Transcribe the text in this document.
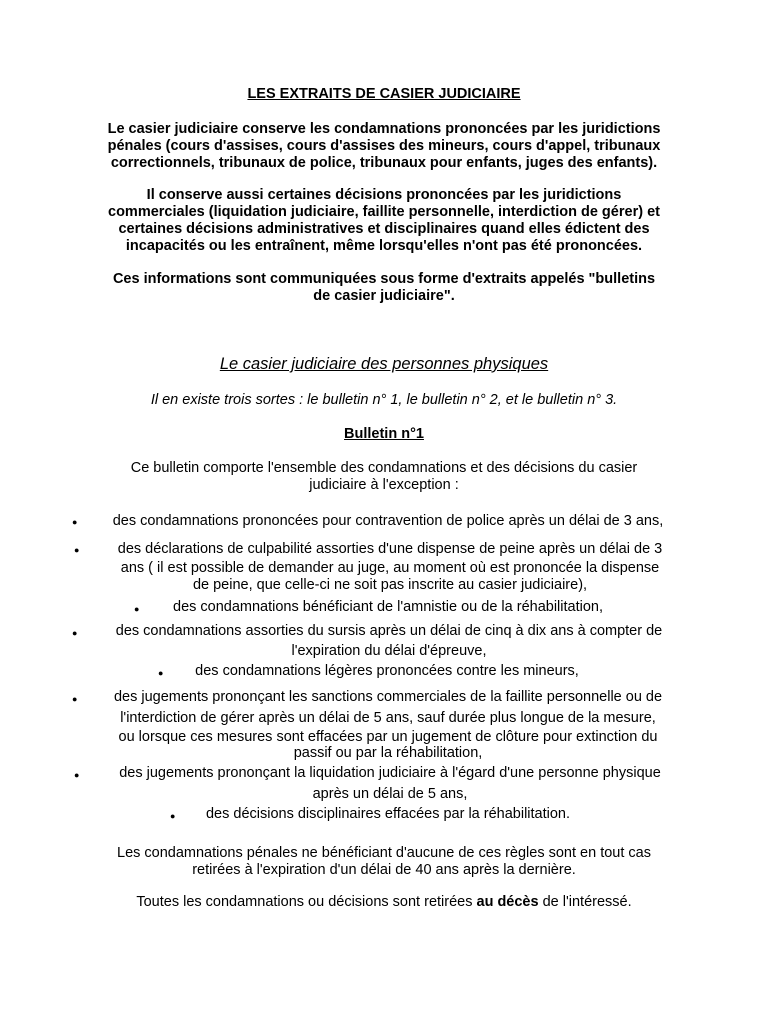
LES EXTRAITS DE CASIER JUDICIAIRE
Le casier judiciaire conserve les condamnations prononcées par les juridictions
pénales (cours d'assises, cours d'assises des mineurs, cours d'appel, tribunaux
correctionnels, tribunaux de police, tribunaux pour enfants, juges des enfants).
Il conserve aussi certaines décisions prononcées par les juridictions
commerciales (liquidation judiciaire, faillite personnelle, interdiction de gérer) et
certaines décisions administratives et disciplinaires quand elles édictent des
incapacités ou les entraînent, même lorsqu'elles n'ont pas été prononcées.
Ces informations sont communiquées sous forme d'extraits appelés "bulletins
de casier judiciaire".
Le casier judiciaire des personnes physiques
Il en existe trois sortes : le bulletin n° 1, le bulletin n° 2, et le bulletin n° 3.
Bulletin n°1
Ce bulletin comporte l'ensemble des condamnations et des décisions du casier
judiciaire à l'exception :
●	des condamnations prononcées pour contravention de police après un délai de 3 ans,
●	des déclarations de culpabilité assorties d'une dispense de peine après un délai de 3
ans ( il est possible de demander au juge, au moment où est prononcée la dispense
de peine, que celle-ci ne soit pas inscrite au casier judiciaire),
●	des condamnations bénéficiant de l'amnistie ou de la réhabilitation,
●	des condamnations assorties du sursis après un délai de cinq à dix ans à compter de
l'expiration du délai d'épreuve,
●	des condamnations légères prononcées contre les mineurs,
●	des jugements prononçant les sanctions commerciales de la faillite personnelle ou de
l'interdiction de gérer après un délai de 5 ans, sauf durée plus longue de la mesure,
ou lorsque ces mesures sont effacées par un jugement de clôture pour extinction du
passif ou par la réhabilitation,
●	des jugements prononçant la liquidation judiciaire à l'égard d'une personne physique
après un délai de 5 ans,
●	des décisions disciplinaires effacées par la réhabilitation.
Les condamnations pénales ne bénéficiant d'aucune de ces règles sont en tout cas
retirées à l'expiration d'un délai de 40 ans après la dernière.
Toutes les condamnations ou décisions sont retirées au décès de l'intéressé.
